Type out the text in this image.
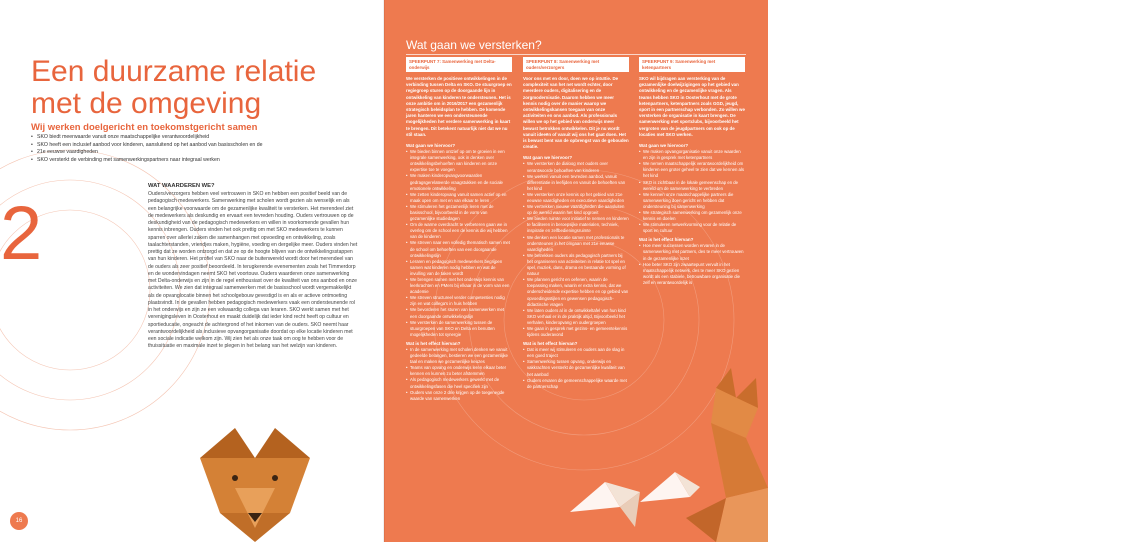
Een duurzame relatie met de omgeving
Wij werken doelgericht en toekomstgericht samen
• SKO biedt meerwaarde vanuit onze maatschappelijke verantwoordelijkheid
• SKO heeft een inclusief aanbod voor kinderen, aansluitend op het aanbod van basisscholen en de
• 21e eeuwse vaardigheden
• SKO versterkt de verbinding met samenwerkingspartners naar integraal werken
2
WAT WAARDEREN WE?

Ouders/verzorgers hebben veel vertrouwen in SKO en hebben een positief beeld van de pedagogisch medewerkers. Samenwerking met scholen wordt gezien als wenselijk en als een belangrijke voorwaarde om de gezamenlijke kwaliteit te versterken. Het merendeel ziet de medewerkers als deskundig en ervaart een tevreden houding. Ouders vertrouwen op de deskundigheid van de pedagogisch medewerkers en willen in voorkomende gevallen hun kennis inbrengen. Ouders vinden het ook prettig om met SKO medewerkers te kunnen sparren over allerlei zaken die samenhangen met opvoeding en ontwikkeling, zoals taalachterstanden, vriendjes maken, hygiëne, voeding en dergelijke meer. Ouders vinden het prettig dat ze worden ontzorgd en dat ze op de hoogte blijven van de ontwikkelingsstappen van hun kinderen. Het profiel van SKO naar de buitenwereld wordt door het merendeel van de ouders als zeer positief beoordeeld. In terugkerende evenementen zoals het Timmerdorp en de wondervindagen neemt SKO het voortouw. Ouders waarderen onze samenwerking met Delta-onderwijs en zijn in de regel enthousiast over de kwaliteit van ons aanbod en onze activiteiten. We zien dat integraal samenwerken met de basisschool wordt vergemakkelijkt als de opvanglocatie binnen het schoolgebouw gevestigd is en als er actieve ontmoeting plaatsvindt. In de gevallen hebben pedagogisch medewerkers vaak een ondersteunende rol in het onderwijs en zijn ze een volwaardig collega van leraren. SKO werkt samen met het verenigingsleven in Oosterhout en maakt duidelijk dat ieder kind recht heeft op cultuur en sportieducatie, ongeacht de achtergrond of het inkomen van de ouders. SKO neemt haar verantwoordelijkheid als inclusieve opvangorganisatie doordat op elke locatie kinderen met een sociale indicatie welkom zijn. Wij zien het als onze taak om oog te hebben voor de thuissituatie en maximale inzet te plegen in het belang van het welzijn van kinderen.

16
Wat gaan we versterken?
SPEERPUNT 7: Samenwerking met Delta-onderwijs
We versterken de positieve ontwikkelingen in de verbinding tussen Delta en SKO. De stuurgroep en regiegroep sturen op de doorgaande lijn in ontwikkeling van kinderen te ondersteunen. Het is onze ambitie om in 2016/2017 een gezamenlijk strategisch beleidsplan te hebben. De komende jaren hanteren we een ondersteunende mogelijkheden het verdere samenwerking in kaart te brengen. Dit betekent natuurlijk niet dat we nu stil staan.
Wat gaan we hiervoor?
• We bieden binnen ontzief op om te groeien in een integrale samenwerking, ook in denken over ontwikkelingsbehoeften van kinderen en onze expertise toe te voegen
• We maken kinderopvangvoorwaarden gedragsgerelateerde vraagstukken en de sociale emotionele ontwikkeling
• We zetten kinderopvang vanuit samen actief op en maak open om met en van elkaar te leren
• We stimuleren het gezamenlijk leren met de basisschool, bijvoorbeeld in de vorm van gezamenlijke studiedagen
• Om de warme overdracht te verbeteren gaan we in overleg om de school een de kennis die wij hebben van de kinderen
• We streven naar een volledig thematisch samen met de school om behoeften van een doorgaande ontwikkelingslijn
• Leraren en pedagogisch medewerkers begrijpen samen wat kinderen nodig hebben en wat de invulling van de taken wordt
• We brengen samen met het onderwijs kennis van leerkrachten en PMers bij elkaar in de vorm van een academie
• We streven structureel verder competenties nodig zijn en wat collega's in huis hebben
• We bevorderen het sturen van samenwerken met een doorgaande ontwikkelingslijn
• We versterken de samenwerking tussen de stuurgroepen van SKO en Delta en benutten mogelijkheden tot synergie
Wat is het effect hiervan?
• In de samenwerking met scholen denken we vanuit gedeelde belangen, bestieren we een gezamenlijke taal en maken we gezamenlijke keuzes
• Teams van opvang en onderwijs leren elkaar beter kennen en kunnen zo beter afstemmen
• Als pedagogisch medewerkers gewerkt met de ontwikkelingsfasen die heel specifiek zijn
• Ouders van onze 2 drie krijgen op de toegenegde waarde van samenwerken
SPEERPUNT 8: Samenwerking met ouders/verzorgers
Voor ons met en door, doen we op intuïtie. De complexiteit van het net wordt echter, door meerdere ouders, digitalisering en de zorgmodernisatie. Daarom hebben we meer kennis nodig over de manier waarop we ontwikkelingskansen toegaan van onze activiteiten en ons aanbod. Als professionals willen we op het gebied van onderwijs meer bewust betrokken ontwikkelen. Dit je nu wordt vanuit ideeën of vanuit wij ons het gaat doen. Het is bewust bent van de opbrengst van de gebouden creatie.
Wat gaan we hiervoor?
• We versterken de dialoog met ouders over verantwoorde behoeften van kinderen
• We werken vanuit een tevreden aanbod, vanuit differentiatie in leefijden en vanuit de behoeften van het kind
• We versterken onze kennis op het gebied van 21e eeuwse vaardigheden en executieve vaardigheden
• We vertrekken nieuwe vaardigheden die aansluiten op de wereld waarin het kind opgroeit
• We bieden ruimte voor initiatief te nemen en kinderen te faciliteren in beroepsijke materialen, techniek, inspiratie en zelfbedieningsruimte
• We denken een locatie samen met professionals te ondersteunen in het omgaan met 21e eeuwse vaardigheden
• We betrekken ouders als pedagogisch partners bij het organiseren van activiteiten in relatie tot spel en spel, muziek, dans, drama en bestaande vorming of natuur
• We plannen gericht en oefenen, waarin de toepassing maken, waarin er extra kennis, dat we onderscheidende expertise hebben en op gebied van opvoedingsstijlen en gewensen pedagogisch-didactische vragen
• We laten ouders al in de ontwikkeltafel van hun kind SKO verhaal er in de praktijk altijd, Bijvoorbeeld het verhalen, kinderopvang en oudergroepen
• We gaan in gesprek met gezins- en gemeentekennis tijdens ouderavond
Wat is het effect hiervan?
• Dat is meer wij stimuleren en ouders aan de slag in een goed traject
• Samenwerking tussen opvang, onderwijs en vakkrachten versterkt de gezamenlijke kwaliteit van het aanbod
• Ouders ervaren de gemeenschappelijke waarde met de partnerschap
SPEERPUNT 9: Samenwerking met ketenpartners
SKO wil bijdragen aan versterking van de gezamenlijke doelwijzigingen op het gebied van ontwikkeling en de gezamenlijke vragen. Als teams hebben SKO in Oosterhout met de grote ketenpartners, ketenpartners zoals GGD, jeugd, sport in een partnerschap verbonden. Zo willen we versterken de organisatie in kaart brengen. De samenwerking met sportclubs, bijvoorbeeld het vergroten van de jeugdpartners om ook op de locaties met SKO werken.
Wat gaan we hiervoor?
• We maken opvangorganisatie vanuit onze waarden en zijn in gesprek met ketenpartners
• We nemen maatschappelijk verantwoordelijkheid om kinderen een groter geheel te zien dat we kennen als het kind
• SKO is zichtbaar in de lokale gemeenschap en de wereld om de samenwerking te verbreden
• We kennen onze maatschappelijke partners die samenwerking doen gericht en hebben dat ondersteuning bij samenwerking
• We strategisch samenwerking om gezamenlijk onze kennis en doelen
• We stimuleren netwerkvorming voor de relatie de sport en cultuur
Wat is het effect hiervan?
• Hoe meer successen worden ervaren in de samenwerking met partners, des te meer vertrouwen in de gezamenlijke inzet
• Hoe beter SKO zijn zwaartepunt vervult in het maatschappelijk netwerk, des te meer SKO gezien wordt als een stabiele, betrouwbare organisatie die zelf en verantwoordelijk is
17
